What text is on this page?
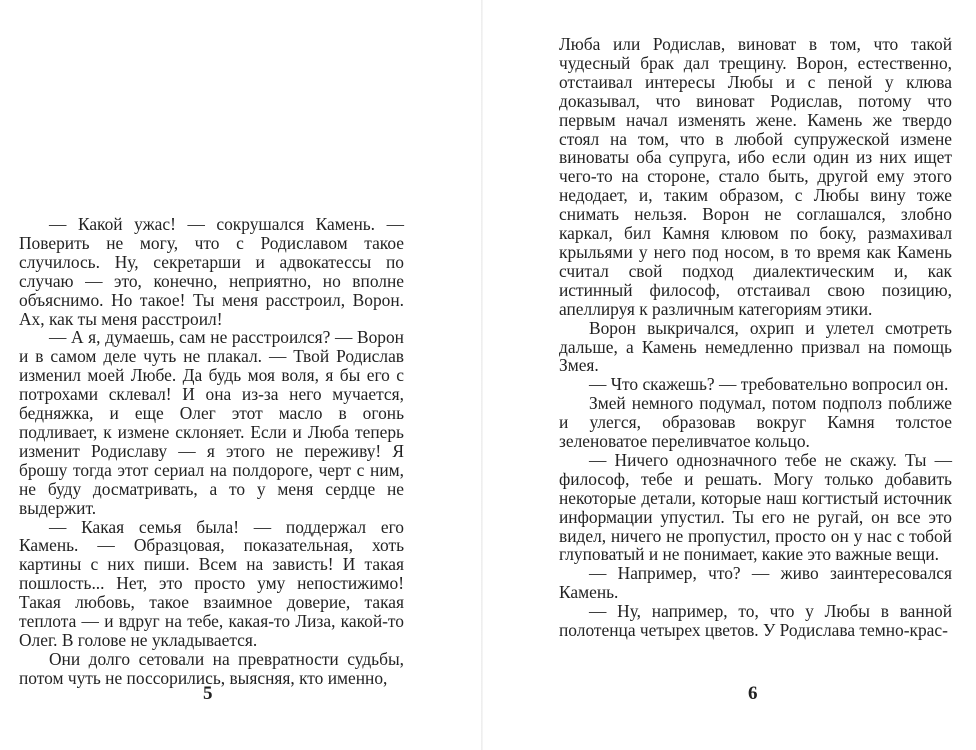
— Какой ужас! — сокрушался Камень. — Поверить не могу, что с Родиславом такое случилось. Ну, секретарши и адвокатессы по случаю — это, конечно, неприятно, но вполне объяснимо. Но такое! Ты меня расстроил, Ворон. Ах, как ты меня расстроил!

— А я, думаешь, сам не расстроился? — Ворон и в самом деле чуть не плакал. — Твой Родислав изменил моей Любе. Да будь моя воля, я бы его с потрохами склевал! И она из-за него мучается, бедняжка, и еще Олег этот масло в огонь подливает, к измене склоняет. Если и Люба теперь изменит Родиславу — я этого не переживу! Я брошу тогда этот сериал на полдороге, черт с ним, не буду досматривать, а то у меня сердце не выдержит.

— Какая семья была! — поддержал его Камень. — Образцовая, показательная, хоть картины с них пиши. Всем на зависть! И такая пошлость... Нет, это просто уму непостижимо! Такая любовь, такое взаимное доверие, такая теплота — и вдруг на тебе, какая-то Лиза, какой-то Олег. В голове не укладывается.

Они долго сетовали на превратности судьбы, потом чуть не поссорились, выясняя, кто именно,

5

Люба или Родислав, виноват в том, что такой чудесный брак дал трещину. Ворон, естественно, отстаивал интересы Любы и с пеной у клюва доказывал, что виноват Родислав, потому что первым начал изменять жене. Камень же твердо стоял на том, что в любой супружеской измене виноваты оба супруга, ибо если один из них ищет чего-то на стороне, стало быть, другой ему этого недодает, и, таким образом, с Любы вину тоже снимать нельзя. Ворон не соглашался, злобно каркал, бил Камня клювом по боку, размахивал крыльями у него под носом, в то время как Камень считал свой подход диалектическим и, как истинный философ, отстаивал свою позицию, апеллируя к различным категориям этики.

Ворон выкричался, охрип и улетел смотреть дальше, а Камень немедленно призвал на помощь Змея.

— Что скажешь? — требовательно вопросил он.

Змей немного подумал, потом подполз поближе и улегся, образовав вокруг Камня толстое зеленоватое переливчатое кольцо.

— Ничего однозначного тебе не скажу. Ты — философ, тебе и решать. Могу только добавить некоторые детали, которые наш когтистый источник информации упустил. Ты его не ругай, он все это видел, ничего не пропустил, просто он у нас с тобой глуповатый и не понимает, какие это важные вещи.

— Например, что? — живо заинтересовался Камень.

— Ну, например, то, что у Любы в ванной полотенца четырех цветов. У Родислава темно-крас-

6
